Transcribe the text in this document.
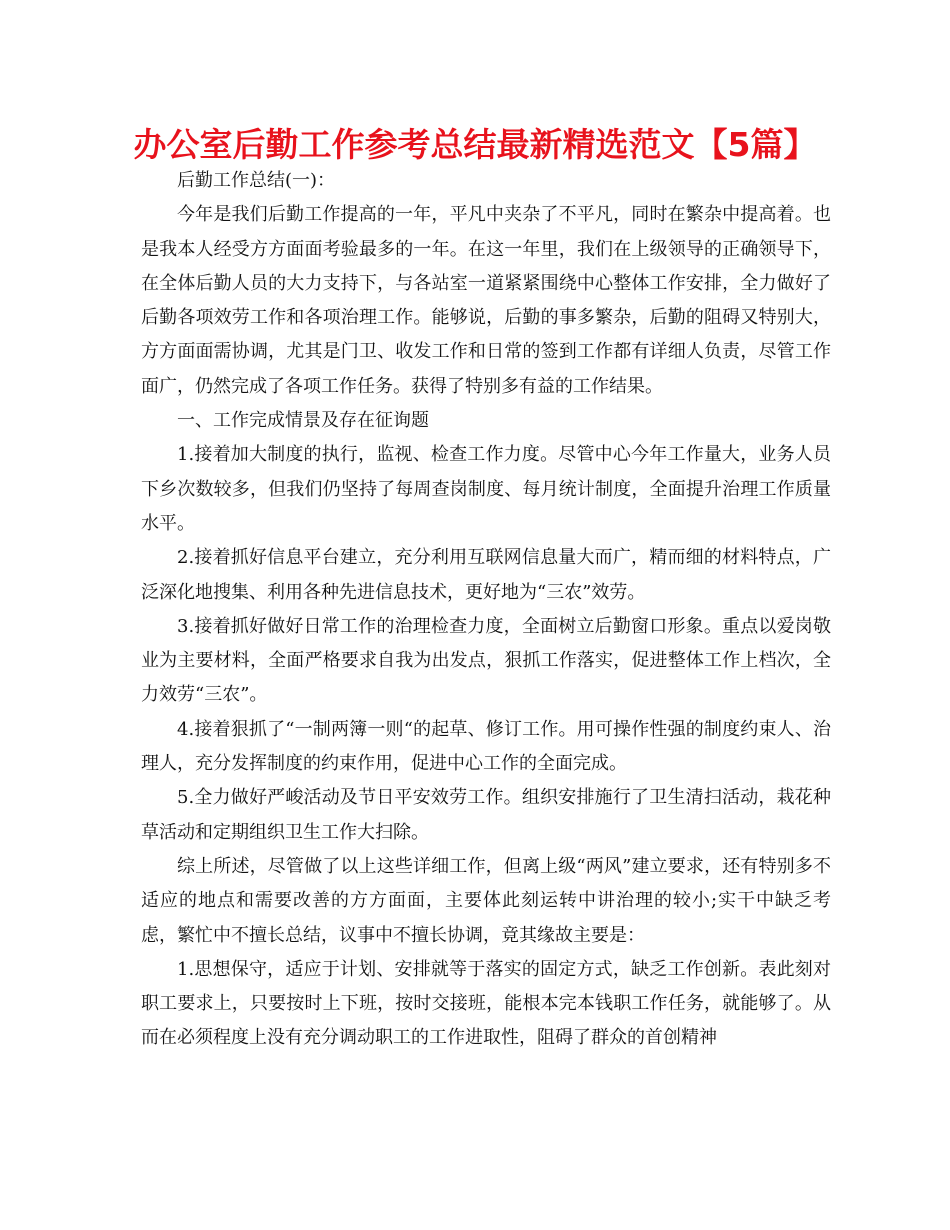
办公室后勤工作参考总结最新精选范文【5篇】

后勤工作总结(一)：

今年是我们后勤工作提高的一年，平凡中夹杂了不平凡，同时在繁杂中提高着。也是我本人经受方方面面考验最多的一年。在这一年里，我们在上级领导的正确领导下，在全体后勤人员的大力支持下，与各站室一道紧紧围绕中心整体工作安排，全力做好了后勤各项效劳工作和各项治理工作。能够说，后勤的事多繁杂，后勤的阻碍又特别大，方方面面需协调，尤其是门卫、收发工作和日常的签到工作都有详细人负责，尽管工作面广，仍然完成了各项工作任务。获得了特别多有益的工作结果。

一、工作完成情景及存在征询题

1.接着加大制度的执行，监视、检查工作力度。尽管中心今年工作量大，业务人员下乡次数较多，但我们仍坚持了每周查岗制度、每月统计制度，全面提升治理工作质量水平。

2.接着抓好信息平台建立，充分利用互联网信息量大而广，精而细的材料特点，广泛深化地搜集、利用各种先进信息技术，更好地为“三农”效劳。

3.接着抓好做好日常工作的治理检查力度，全面树立后勤窗口形象。重点以爱岗敬业为主要材料，全面严格要求自我为出发点，狠抓工作落实，促进整体工作上档次，全力效劳“三农”。

4.接着狠抓了“一制两簿一则“的起草、修订工作。用可操作性强的制度约束人、治理人，充分发挥制度的约束作用，促进中心工作的全面完成。

5.全力做好严峻活动及节日平安效劳工作。组织安排施行了卫生清扫活动，栽花种草活动和定期组织卫生工作大扫除。

综上所述，尽管做了以上这些详细工作，但离上级“两风”建立要求，还有特别多不适应的地点和需要改善的方方面面，主要体此刻运转中讲治理的较小;实干中缺乏考虑，繁忙中不擅长总结，议事中不擅长协调，竟其缘故主要是：

1.思想保守，适应于计划、安排就等于落实的固定方式，缺乏工作创新。表此刻对职工要求上，只要按时上下班，按时交接班，能根本完本钱职工作任务，就能够了。从而在必须程度上没有充分调动职工的工作进取性，阻碍了群众的首创精神
